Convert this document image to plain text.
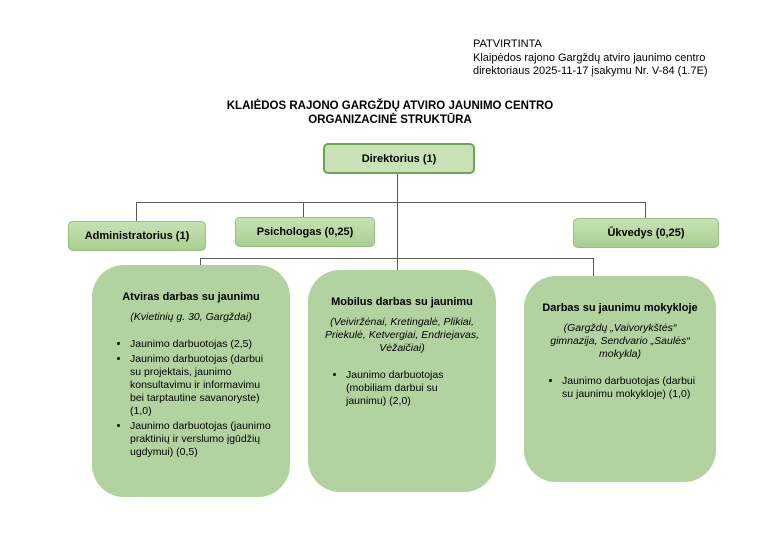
PATVIRTINTA
Klaipėdos rajono Gargždų atviro jaunimo centro
direktoriaus 2025-11-17 įsakymu Nr. V-84 (1.7E)
KLAIĖDOS RAJONO GARGŽDŲ ATVIRO JAUNIMO CENTRO
ORGANIZACINĖ STRUKTŪRA
Direktorius (1)
Administratorius (1)	Psichologas (0,25)	Ūkvedys (0,25)

Atviras darbas su jaunimu

(Kvietinių g. 30, Gargždai)

• Jaunimo darbuotojas (2,5)
• Jaunimo darbuotojas (darbui su projektais, jaunimo konsultavimu ir informavimu bei tarptautine savanoryste) (1,0)
• Jaunimo darbuotojas (jaunimo praktinių ir verslumo įgūdžių ugdymui) (0,5)

Mobilus darbas su jaunimu

(Veiviržėnai, Kretingalė, Plikiai, Priekulė, Ketvergiai, Endriejavas, Vėžaičiai)

• Jaunimo darbuotojas (mobiliam darbui su jaunimu) (2,0)

Darbas su jaunimu mokykloje

(Gargždų „Vaivorykštės“ gimnazija, Sendvario „Saulės“ mokykla)

• Jaunimo darbuotojas (darbui su jaunimu mokykloje) (1,0)
